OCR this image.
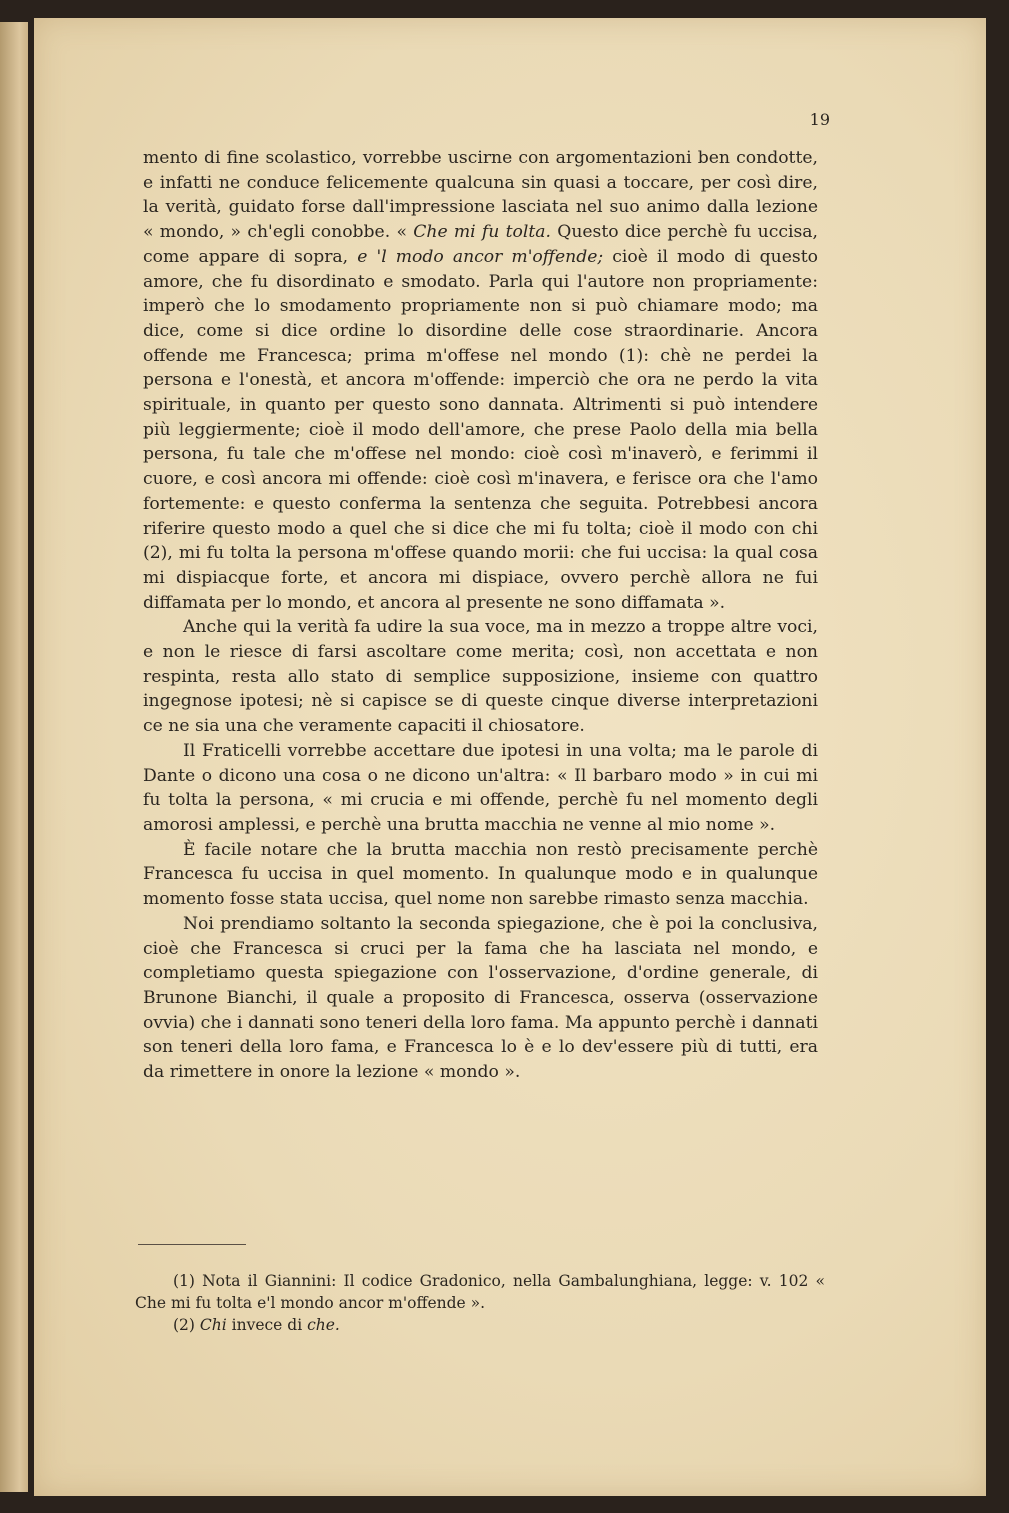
19

mento di fine scolastico, vorrebbe uscirne con argomentazioni ben condotte, e infatti ne conduce felicemente qualcuna sin quasi a toccare, per così dire, la verità, guidato forse dall'impressione lasciata nel suo animo dalla lezione « mondo, » ch'egli conobbe. « Che mi fu tolta. Questo dice perchè fu uccisa, come appare di sopra, e 'l modo ancor m'offende; cioè il modo di questo amore, che fu disordinato e smodato. Parla qui l'autore non propriamente: imperò che lo smodamento propriamente non si può chiamare modo; ma dice, come si dice ordine lo disordine delle cose straordinarie. Ancora offende me Francesca; prima m'offese nel mondo (1): chè ne perdei la persona e l'onestà, et ancora m'offende: imperciò che ora ne perdo la vita spirituale, in quanto per questo sono dannata. Altrimenti si può intendere più leggiermente; cioè il modo dell'amore, che prese Paolo della mia bella persona, fu tale che m'offese nel mondo: cioè così m'inaverò, e ferimmi il cuore, e così ancora mi offende: cioè così m'inavera, e ferisce ora che l'amo fortemente: e questo conferma la sentenza che seguita. Potrebbesi ancora riferire questo modo a quel che si dice che mi fu tolta; cioè il modo con chi (2), mi fu tolta la persona m'offese quando morii: che fui uccisa: la qual cosa mi dispiacque forte, et ancora mi dispiace, ovvero perchè allora ne fui diffamata per lo mondo, et ancora al presente ne sono diffamata ».

Anche qui la verità fa udire la sua voce, ma in mezzo a troppe altre voci, e non le riesce di farsi ascoltare come merita; così, non accettata e non respinta, resta allo stato di semplice supposizione, insieme con quattro ingegnose ipotesi; nè si capisce se di queste cinque diverse interpretazioni ce ne sia una che veramente capaciti il chiosatore.

Il Fraticelli vorrebbe accettare due ipotesi in una volta; ma le parole di Dante o dicono una cosa o ne dicono un'altra: « Il barbaro modo » in cui mi fu tolta la persona, « mi crucia e mi offende, perchè fu nel momento degli amorosi amplessi, e perchè una brutta macchia ne venne al mio nome ».

È facile notare che la brutta macchia non restò precisamente perchè Francesca fu uccisa in quel momento. In qualunque modo e in qualunque momento fosse stata uccisa, quel nome non sarebbe rimasto senza macchia.

Noi prendiamo soltanto la seconda spiegazione, che è poi la conclusiva, cioè che Francesca si cruci per la fama che ha lasciata nel mondo, e completiamo questa spiegazione con l'osservazione, d'ordine generale, di Brunone Bianchi, il quale a proposito di Francesca, osserva (osservazione ovvia) che i dannati sono teneri della loro fama. Ma appunto perchè i dannati son teneri della loro fama, e Francesca lo è e lo dev'essere più di tutti, era da rimettere in onore la lezione « mondo ».

(1) Nota il Giannini: Il codice Gradonico, nella Gambalunghiana, legge: v. 102 « Che mi fu tolta e'l mondo ancor m'offende ».

(2) Chi invece di che.
